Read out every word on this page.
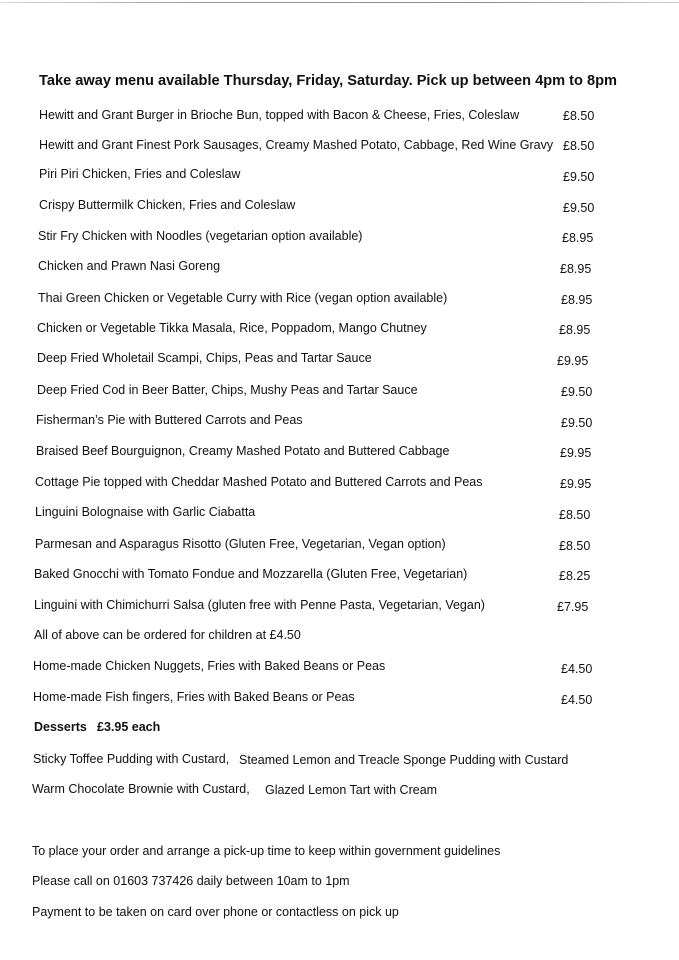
Take away menu available Thursday, Friday, Saturday. Pick up between 4pm to 8pm
Hewitt and Grant Burger in Brioche Bun, topped with Bacon & Cheese, Fries, Coleslaw	£8.50
Hewitt and Grant Finest Pork Sausages, Creamy Mashed Potato, Cabbage, Red Wine Gravy £8.50
Piri Piri Chicken, Fries and Coleslaw	£9.50
Crispy Buttermilk Chicken, Fries and Coleslaw	£9.50
Stir Fry Chicken with Noodles (vegetarian option available)	£8.95
Chicken and Prawn Nasi Goreng	£8.95
Thai Green Chicken or Vegetable Curry with Rice (vegan option available)	£8.95
Chicken or Vegetable Tikka Masala, Rice, Poppadom, Mango Chutney	£8.95
Deep Fried Wholetail Scampi, Chips, Peas and Tartar Sauce	£9.95
Deep Fried Cod in Beer Batter, Chips, Mushy Peas and Tartar Sauce	£9.50
Fisherman’s Pie with Buttered Carrots and Peas	£9.50
Braised Beef Bourguignon, Creamy Mashed Potato and Buttered Cabbage	£9.95
Cottage Pie topped with Cheddar Mashed Potato and Buttered Carrots and Peas	£9.95
Linguini Bolognaise with Garlic Ciabatta	£8.50
Parmesan and Asparagus Risotto (Gluten Free, Vegetarian, Vegan option)	£8.50
Baked Gnocchi with Tomato Fondue and Mozzarella (Gluten Free, Vegetarian)	£8.25
Linguini with Chimichurri Salsa (gluten free with Penne Pasta, Vegetarian, Vegan)	£7.95
All of above can be ordered for children at £4.50
Home-made Chicken Nuggets, Fries with Baked Beans or Peas	£4.50
Home-made Fish fingers, Fries with Baked Beans or Peas	£4.50
Desserts £3.95 each
Sticky Toffee Pudding with Custard, Steamed Lemon and Treacle Sponge Pudding with Custard
Warm Chocolate Brownie with Custard, Glazed Lemon Tart with Cream
To place your order and arrange a pick-up time to keep within government guidelines
Please call on 01603 737426 daily between 10am to 1pm
Payment to be taken on card over phone or contactless on pick up
